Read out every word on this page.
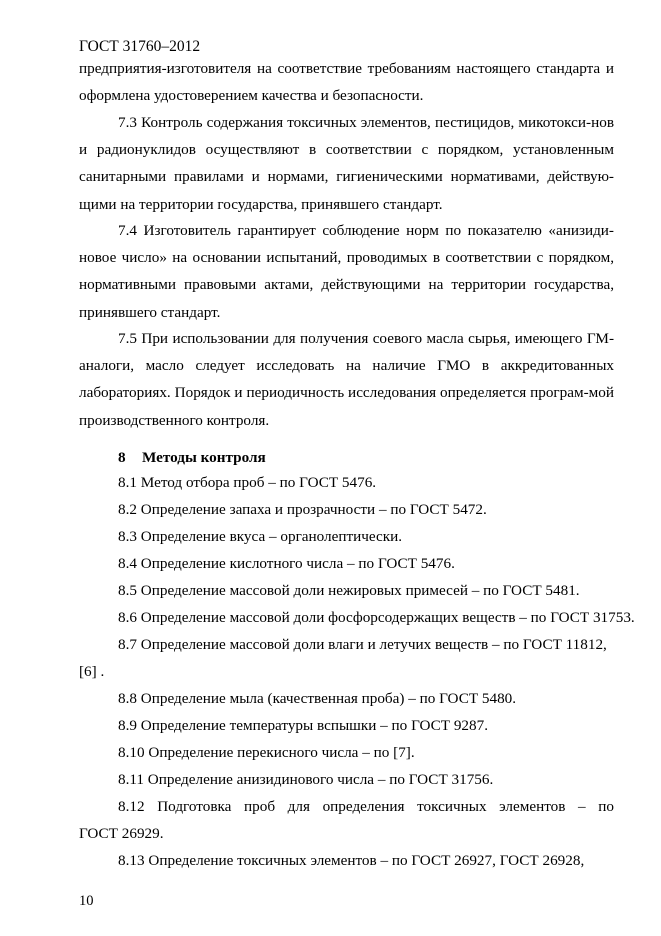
ГОСТ 31760–2012

предприятия-изготовителя на соответствие требованиям настоящего стандарта и оформлена удостоверением качества и безопасности.

7.3 Контроль содержания токсичных элементов, пестицидов, микотокси-нов и радионуклидов осуществляют в соответствии с порядком, установленным санитарными правилами и нормами, гигиеническими нормативами, действую-щими на территории государства, принявшего стандарт.

7.4 Изготовитель гарантирует соблюдение норм по показателю «анизиди-новое число» на основании испытаний, проводимых в соответствии с порядком, нормативными правовыми актами, действующими на территории государства, принявшего стандарт.

7.5 При использовании для получения соевого масла сырья, имеющего ГМ-аналоги, масло следует исследовать на наличие ГМО в аккредитованных лабораториях. Порядок и периодичность исследования определяется програм-мой производственного контроля.

8 Методы контроля
8.1 Метод отбора проб – по ГОСТ 5476.
8.2 Определение запаха и прозрачности – по ГОСТ 5472.
8.3 Определение вкуса – органолептически.
8.4 Определение кислотного числа – по ГОСТ 5476.
8.5 Определение массовой доли нежировых примесей – по ГОСТ 5481.
8.6 Определение массовой доли фосфорсодержащих веществ – по ГОСТ 31753.
8.7 Определение массовой доли влаги и летучих веществ – по ГОСТ 11812,
[6] .
8.8 Определение мыла (качественная проба) – по ГОСТ 5480.
8.9 Определение температуры вспышки – по ГОСТ 9287.
8.10 Определение перекисного числа – по [7].
8.11 Определение анизидинового числа – по ГОСТ 31756.
8.12 Подготовка проб для определения токсичных элементов – по
ГОСТ 26929.
8.13 Определение токсичных элементов – по ГОСТ 26927, ГОСТ 26928,
10
